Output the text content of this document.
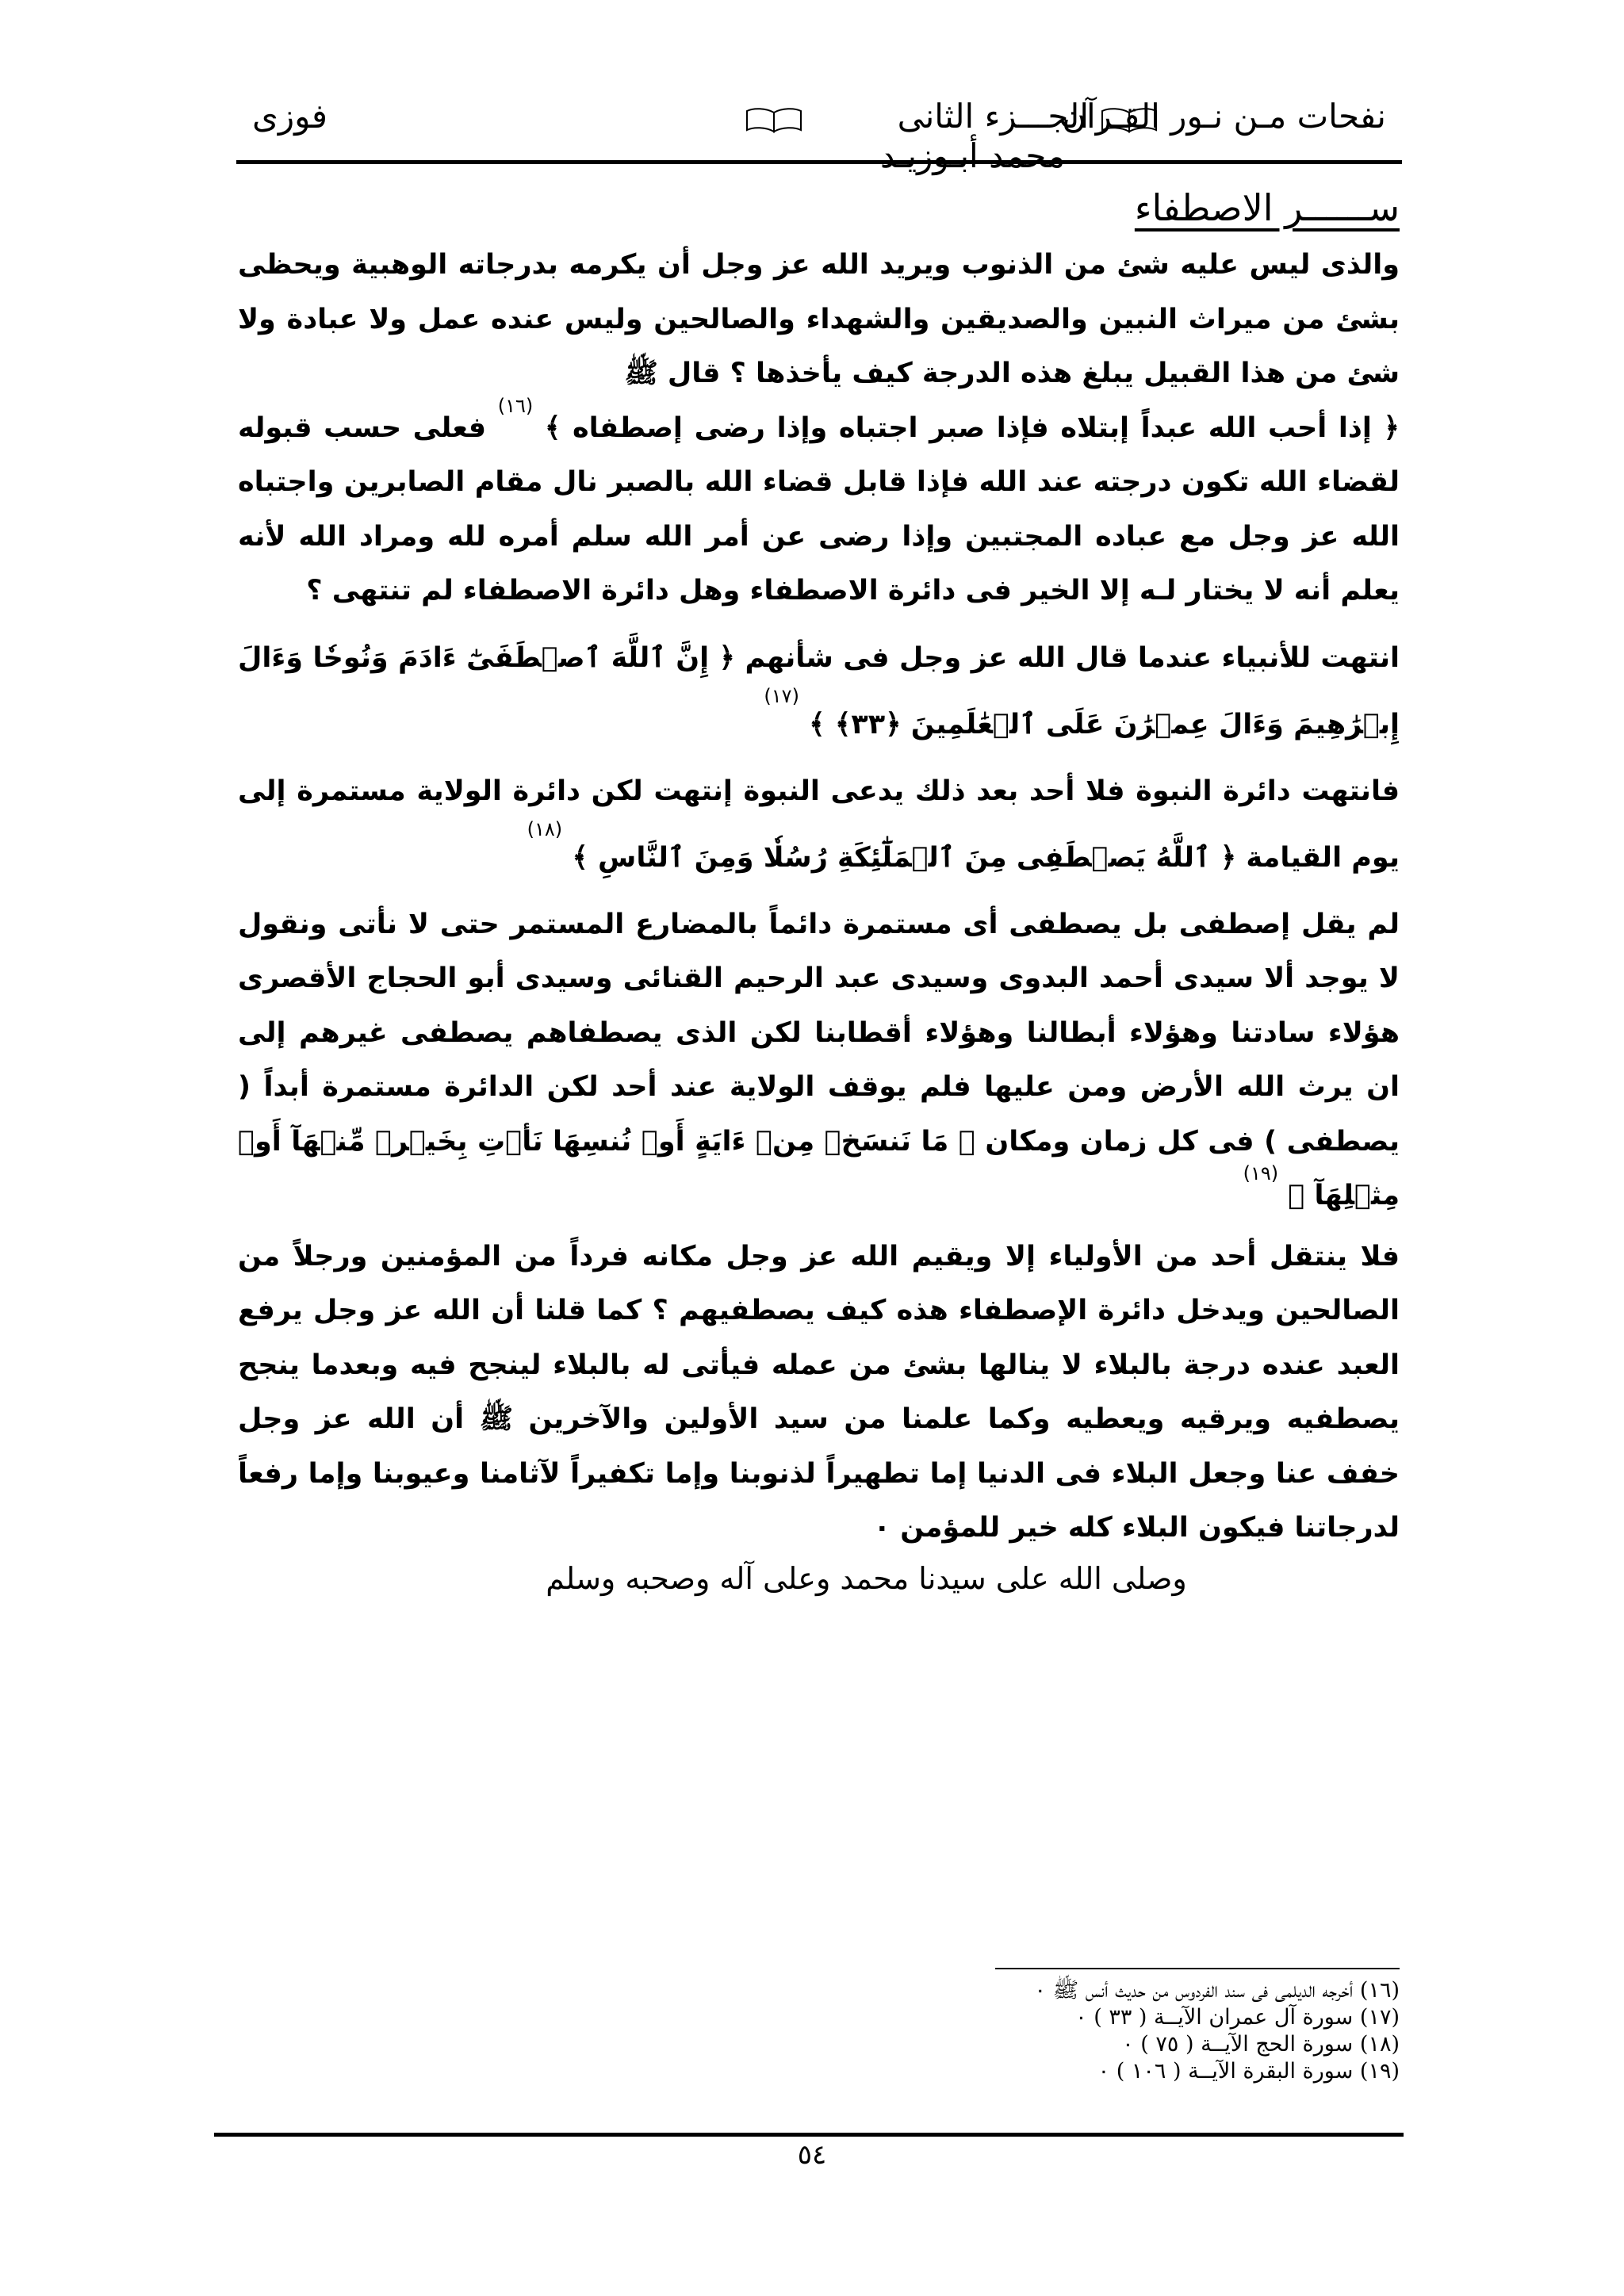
فوزى	الجـــزء الثانى
محمد أبـوزيـد
نفحات مـن نـور القـرآن
ســــــر الاصطفاء

والذى ليس عليه شئ من الذنوب ويريد الله عز وجل أن يكرمه بدرجاته الوهبية ويحظى بشئ من ميراث النبين والصديقين والشهداء والصالحين وليس عنده عمل ولا عبادة ولا شئ من هذا القبيل يبلغ هذه الدرجة كيف يأخذها ؟ قال ﷺ

﴿ إذا أحب الله عبداً إبتلاه فإذا صبر اجتباه وإذا رضى إصطفاه ﴾ $^{(١٦)}$ فعلى حسب قبوله لقضاء الله تكون درجته عند الله فإذا قابل قضاء الله بالصبر نال مقام الصابرين واجتباه الله عز وجل مع عباده المجتبين وإذا رضى عن أمر الله سلم أمره لله ومراد الله لأنه يعلم أنه لا يختار لـه إلا الخير فى دائرة الاصطفاء وهل دائرة الاصطفاء لم تنتهى ؟

انتهت للأنبياء عندما قال الله عز وجل فى شأنهم ﴿ إِنَّ ٱللَّهَ ٱصۡطَفَىٰٓ ءَادَمَ وَنُوحٗا وَءَالَ إِبۡرَٰهِيمَ وَءَالَ عِمۡرَٰنَ عَلَى ٱلۡعَٰلَمِينَ ﴿٣٣﴾ ﴾ $^{(١٧)}$

فانتهت دائرة النبوة فلا أحد بعد ذلك يدعى النبوة إنتهت لكن دائرة الولاية مستمرة إلى يوم القيامة ﴿ ٱللَّهُ يَصۡطَفِى مِنَ ٱلۡمَلَٰٓئِكَةِ رُسُلٗا وَمِنَ ٱلنَّاسِ ﴾ $^{(١٨)}$

لم يقل إصطفى بل يصطفى أى مستمرة دائماً بالمضارع المستمر حتى لا نأتى ونقول لا يوجد ألا سيدى أحمد البدوى وسيدى عبد الرحيم القنائى وسيدى أبو الحجاج الأقصرى هؤلاء سادتنا وهؤلاء أبطالنا وهؤلاء أقطابنا لكن الذى يصطفاهم يصطفى غيرهم إلى ان يرث الله الأرض ومن عليها فلم يوقف الولاية عند أحد لكن الدائرة مستمرة أبداً ( يصطفى ) فى كل زمان ومكان ﴿ مَا نَنسَخۡ مِنۡ ءَايَةٍ أَوۡ نُنسِهَا نَأۡتِ بِخَيۡرٖ مِّنۡهَآ أَوۡ مِثۡلِهَآ ﴾ $^{(١٩)}$

فلا ينتقل أحد من الأولياء إلا ويقيم الله عز وجل مكانه فرداً من المؤمنين ورجلاً من الصالحين ويدخل دائرة الإصطفاء هذه كيف يصطفيهم ؟ كما قلنا أن الله عز وجل يرفع العبد عنده درجة بالبلاء لا ينالها بشئ من عمله فيأتى له بالبلاء لينجح فيه وبعدما ينجح يصطفيه ويرقيه ويعطيه وكما علمنا من سيد الأولين والآخرين ﷺ أن الله عز وجل خفف عنا وجعل البلاء فى الدنيا إما تطهيراً لذنوبنا وإما تكفيراً لآثامنا وعيوبنا وإما رفعاً لدرجاتنا فيكون البلاء كله خير للمؤمن ٠

وصلى الله على سيدنا محمد وعلى آله وصحبه وسلم
(١٦) أخرجه الديلمى فى سند الفردوس من حديث أنس ﷺ ٠
(١٧) سورة آل عمران الآيــة ( ٣٣ ) ٠
(١٨) سورة الحج الآيــة ( ٧٥ ) ٠
(١٩) سورة البقرة الآيــة ( ١٠٦ ) ٠
٥٤
